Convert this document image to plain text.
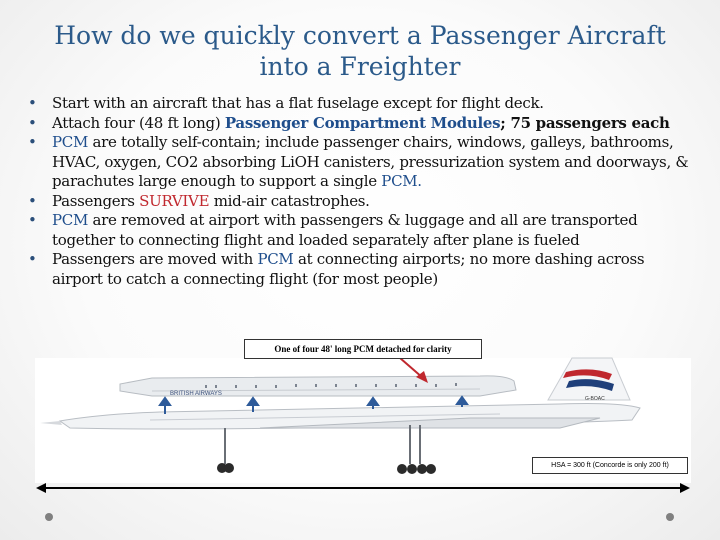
How do we quickly convert a Passenger Aircraft
into a Freighter
• Start with an aircraft that has a flat fuselage except for flight deck.
• Attach four (48 ft long) Passenger Compartment Modules; 75 passengers each
• PCM are totally self-contain; include passenger chairs, windows, galleys, bathrooms, HVAC, oxygen, CO2 absorbing LiOH canisters, pressurization system and doorways, & parachutes large enough to support a single PCM.
• Passengers SURVIVE mid-air catastrophes.
• PCM are removed at airport with passengers & luggage and all are transported together to connecting flight and loaded separately after plane is fueled
• Passengers are moved with PCM at connecting airports; no more dashing across airport to catch a connecting flight (for most people)
BRITISH AIRWAYS
G-BOAC
One of four 48' long PCM detached for clarity
HSA = 300 ft (Concorde is only 200 ft)
